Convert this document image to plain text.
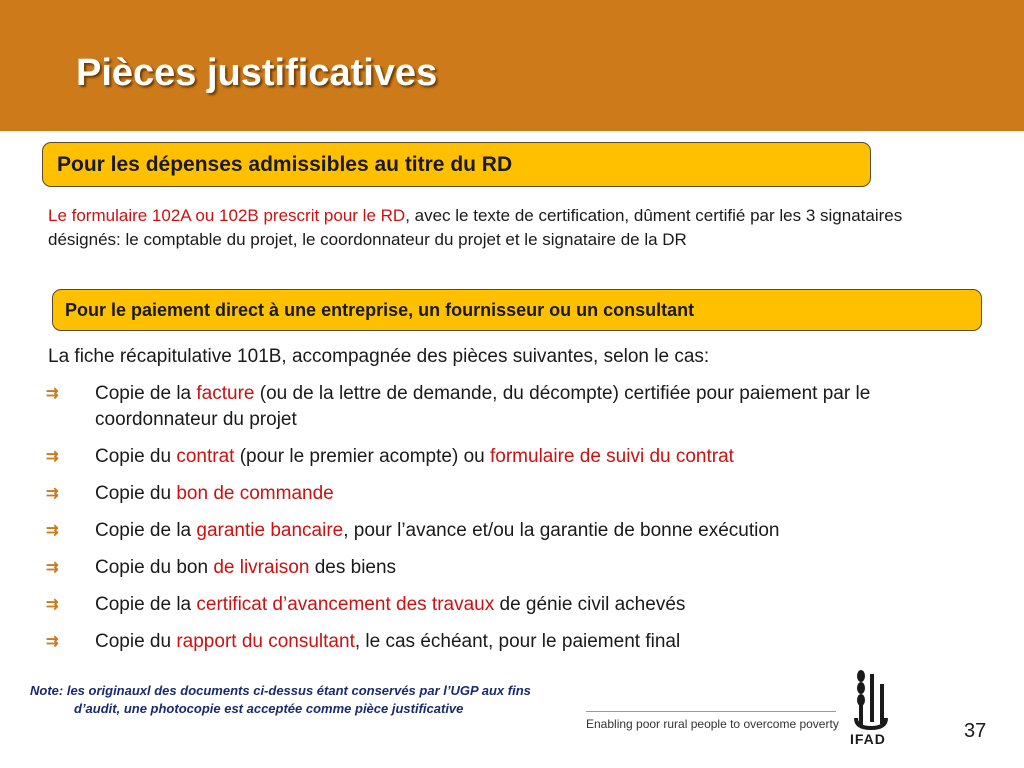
Pièces justificatives
Pour les dépenses admissibles au titre du RD
Le formulaire 102A ou 102B prescrit pour le RD, avec le texte de certification, dûment certifié par les 3 signataires désignés: le comptable du projet, le coordonnateur du projet et le signataire de la DR
Pour le paiement direct à une entreprise, un fournisseur ou un consultant
La fiche récapitulative 101B, accompagnée des pièces suivantes, selon le cas:
⇉ Copie de la facture (ou de la lettre de demande, du décompte) certifiée pour paiement par le coordonnateur du projet
⇉ Copie du contrat (pour le premier acompte) ou formulaire de suivi du contrat
⇉ Copie du bon de commande
⇉ Copie de la garantie bancaire, pour l’avance et/ou la garantie de bonne exécution
⇉ Copie du bon de livraison des biens
⇉ Copie de la certificat d’avancement des travaux de génie civil achevés
⇉ Copie du rapport du consultant, le cas échéant, pour le paiement final
Note: les originauxl des documents ci-dessus étant conservés par l’UGP aux fins
d’audit, une photocopie est acceptée comme pièce justificative
Enabling poor rural people to overcome poverty
IFAD	37
